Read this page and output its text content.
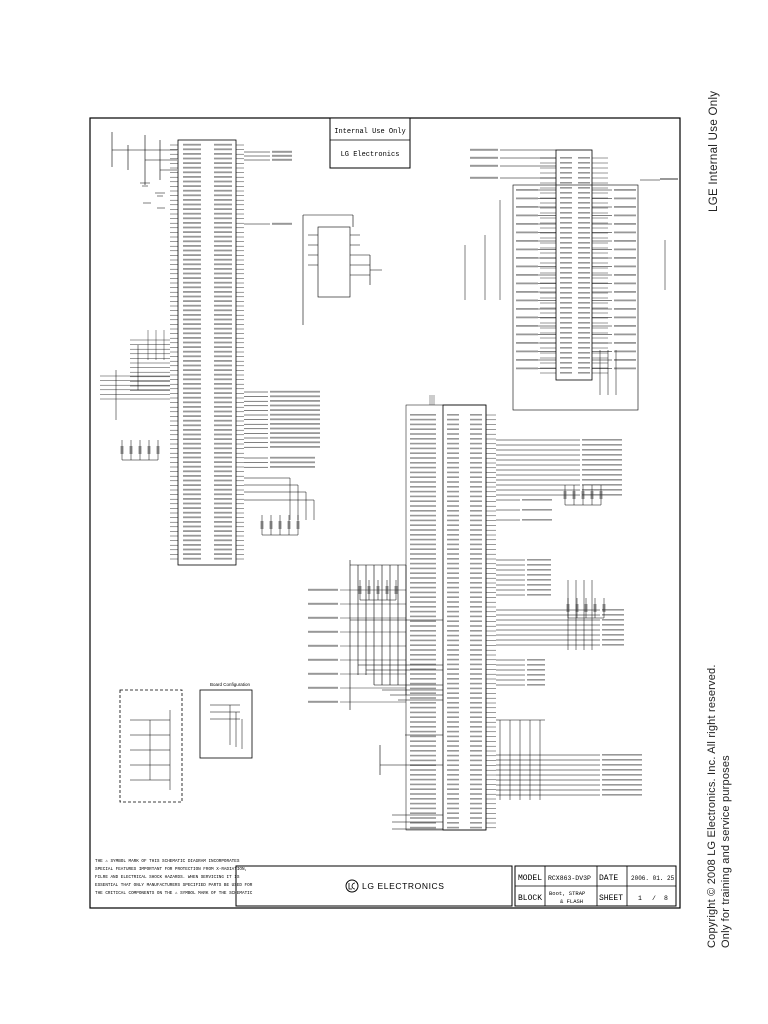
Internal Use Only
LG Electronics
Board Configuration
LG ELECTRONICS
MODEL RCX863-DV3P DATE 2006. 01. 25
BLOCK
Boot, STRAP
& FLASH SHEET 1 / 8
THE ⚠ SYMBOL MARK OF THIS SCHEMATIC DIAGRAM INCORPORATES
SPECIAL FEATURES IMPORTANT FOR PROTECTION FROM X-RADIATION,
FILRE AND ELECTRICAL SHOCK HAZARDS. WHEN SERVICING IT IS
ESSENTIAL THAT ONLY MANUFACTURERS SPECIFIED PARTS BE USED FOR
THE CRITICAL COMPONENTS ON THE ⚠ SYMBOL MARK OF THE SCHEMATIC
LGE Internal Use Only
Copyright © 2008 LG Electronics. Inc. All right reserved. Only for training and service purposes
